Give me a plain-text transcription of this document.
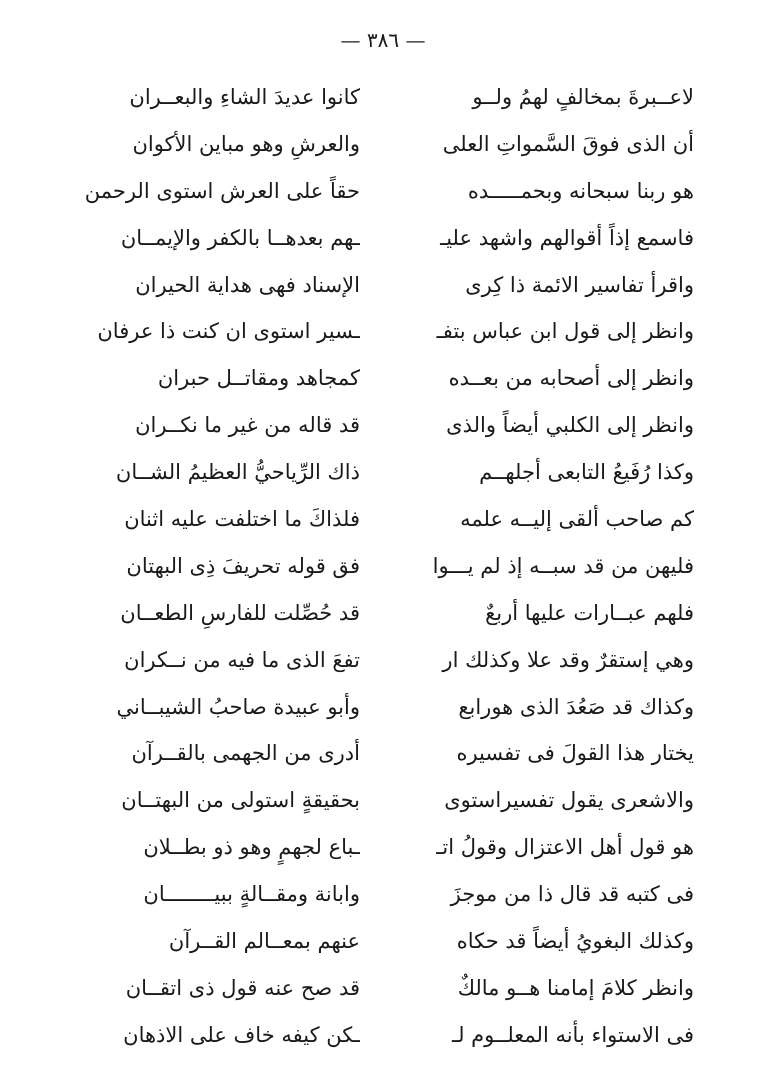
— ٣٨٦ —
لاعــبرةَ بمخالفٍ لهمُ ولــو
كانوا عديدَ الشاءِ والبعــران
أن الذى فوقَ السَّمواتِ العلى
والعرشِ وهو مباين الأكوان
هو ربنا سبحانه وبحمـــــده
حقاً على العرش استوى الرحمن
فاسمع إذاً أقوالهم واشهد عليـ
ـهم بعدهــا بالكفر والإيمــان
واقرأ تفاسير الائمة ذا كِرى
الإسناد فهى هداية الحيران
وانظر إلى قول ابن عباس بتفـ
ـسير استوى ان كنت ذا عرفان
وانظر إلى أصحابه من بعــده
كمجاهد ومقاتــل حبران
وانظر إلى الكلبي أيضاً والذى
قد قاله من غير ما نكــران
وكذا رُفَيعُ التابعى أجلهــم
ذاك الرِّياحيُّ العظيمُ الشــان
كم صاحب ألقى إليــه علمه
فلذاكَ ما اختلفت عليه اثنان
فليهن من قد سبــه إذ لم يـــوا
فق قوله تحريفَ ذِى البهتان
فلهم عبــارات عليها أربعٌ
قد حُصِّلت للفارسِ الطعــان
وهي إستقرٌ وقد علا وكذلك ار
تفعَ الذى ما فيه من نــكران
وكذاك قد صَعُدَ الذى هورابع
وأبو عبيدة صاحبُ الشيبــاني
يختار هذا القولَ فى تفسيره
أدرى من الجهمى بالقــرآن
والاشعرى يقول تفسيراستوى
بحقيقةٍ استولى من البهتــان
هو قول أهل الاعتزال وقولُ اتـ
ـباع لجهمٍ وهو ذو بطــلان
فى كتبه قد قال ذا من موجزَ
وابانة ومقــالةٍ ببيــــــــان
وكذلك البغويُ أيضاً قد حكاه
عنهم بمعــالم القــرآن
وانظر كلامَ إمامنا هــو مالكٌ
قد صح عنه قول ذى اتقــان
فى الاستواء بأنه المعلــوم لـ
ـكن كيفه خاف على الاذهان
